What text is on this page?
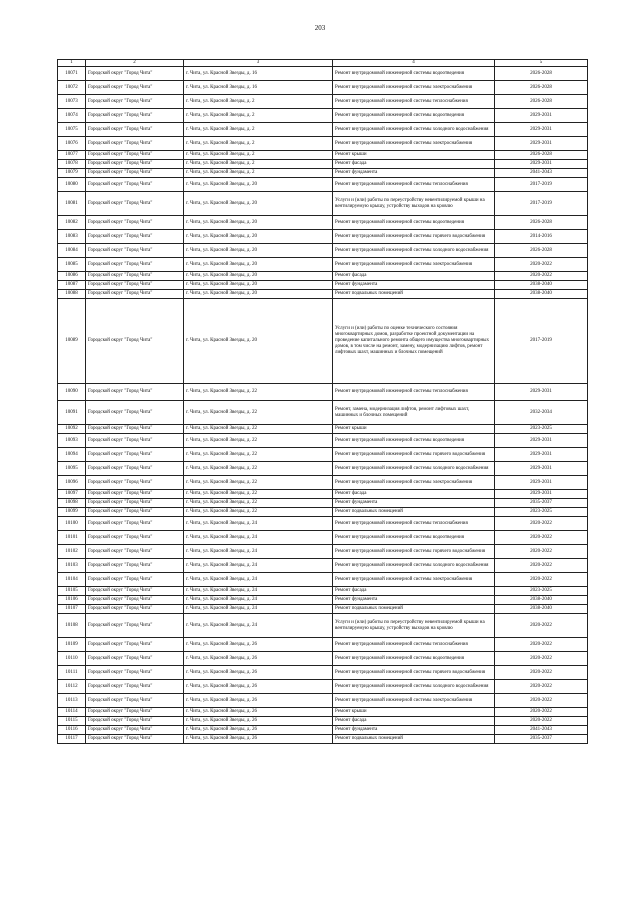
203
1	2	3	4	5
10071	Городской округ "Город Чита"	г. Чита, ул. Красной Звезды, д. 16	Ремонт внутридомовой инженерной системы водоотведения	2026-2028
10072	Городской округ "Город Чита"	г. Чита, ул. Красной Звезды, д. 16	Ремонт внутридомовой инженерной системы электроснабжения	2026-2028
10073	Городской округ "Город Чита"	г. Чита, ул. Красной Звезды, д. 2	Ремонт внутридомовой инженерной системы теплоснабжения	2026-2028
10074	Городской округ "Город Чита"	г. Чита, ул. Красной Звезды, д. 2	Ремонт внутридомовой инженерной системы водоотведения	2029-2031
10075	Городской округ "Город Чита"	г. Чита, ул. Красной Звезды, д. 2	Ремонт внутридомовой инженерной системы холодного водоснабжения	2029-2031
10076	Городской округ "Город Чита"	г. Чита, ул. Красной Звезды, д. 2	Ремонт внутридомовой инженерной системы электроснабжения	2029-2031
10077	Городской округ "Город Чита"	г. Чита, ул. Красной Звезды, д. 2	Ремонт крыши	2026-2028
10078	Городской округ "Город Чита"	г. Чита, ул. Красной Звезды, д. 2	Ремонт фасада	2029-2031
10079	Городской округ "Город Чита"	г. Чита, ул. Красной Звезды, д. 2	Ремонт фундамента	2041-2043
10080	Городской округ "Город Чита"	г. Чита, ул. Красной Звезды, д. 20	Ремонт внутридомовой инженерной системы теплоснабжения	2017-2019
10081	Городской округ "Город Чита"	г. Чита, ул. Красной Звезды, д. 20	Услуги и (или) работы по переустройству невентилируемой крыши на вентилируемую крышу, устройству выходов на кровлю	2017-2019
10082	Городской округ "Город Чита"	г. Чита, ул. Красной Звезды, д. 20	Ремонт внутридомовой инженерной системы водоотведения	2026-2028
10083	Городской округ "Город Чита"	г. Чита, ул. Красной Звезды, д. 20	Ремонт внутридомовой инженерной системы горячего водоснабжения	2014-2016
10084	Городской округ "Город Чита"	г. Чита, ул. Красной Звезды, д. 20	Ремонт внутридомовой инженерной системы холодного водоснабжения	2026-2028
10085	Городской округ "Город Чита"	г. Чита, ул. Красной Звезды, д. 20	Ремонт внутридомовой инженерной системы электроснабжения	2020-2022
10086	Городской округ "Город Чита"	г. Чита, ул. Красной Звезды, д. 20	Ремонт фасада	2020-2022
10087	Городской округ "Город Чита"	г. Чита, ул. Красной Звезды, д. 20	Ремонт фундамента	2038-2040
10088	Городской округ "Город Чита"	г. Чита, ул. Красной Звезды, д. 20	Ремонт подвальных помещений	2038-2040
10089	Городской округ "Город Чита"	г. Чита, ул. Красной Звезды, д. 20	Услуги и (или) работы по оценке технического состояния многоквартирных домов, разработке проектной документации на проведение капитального ремонта общего имущества многоквартирных домов, в том числе на ремонт, замену, модернизацию лифтов, ремонт лифтовых шахт, машинных и блочных помещений	2017-2019
10090	Городской округ "Город Чита"	г. Чита, ул. Красной Звезды, д. 22	Ремонт внутридомовой инженерной системы теплоснабжения	2029-2031
10091	Городской округ "Город Чита"	г. Чита, ул. Красной Звезды, д. 22	Ремонт, замена, модернизация лифтов, ремонт лифтовых шахт, машинных и блочных помещений	2032-2034
10092	Городской округ "Город Чита"	г. Чита, ул. Красной Звезды, д. 22	Ремонт крыши	2023-2025
10093	Городской округ "Город Чита"	г. Чита, ул. Красной Звезды, д. 22	Ремонт внутридомовой инженерной системы водоотведения	2029-2031
10094	Городской округ "Город Чита"	г. Чита, ул. Красной Звезды, д. 22	Ремонт внутридомовой инженерной системы горячего водоснабжения	2029-2031
10095	Городской округ "Город Чита"	г. Чита, ул. Красной Звезды, д. 22	Ремонт внутридомовой инженерной системы холодного водоснабжения	2029-2031
10096	Городской округ "Город Чита"	г. Чита, ул. Красной Звезды, д. 22	Ремонт внутридомовой инженерной системы электроснабжения	2029-2031
10097	Городской округ "Город Чита"	г. Чита, ул. Красной Звезды, д. 22	Ремонт фасада	2029-2031
10098	Городской округ "Город Чита"	г. Чита, ул. Красной Звезды, д. 22	Ремонт фундамента	2035-2037
10099	Городской округ "Город Чита"	г. Чита, ул. Красной Звезды, д. 22	Ремонт подвальных помещений	2023-2025
10100	Городской округ "Город Чита"	г. Чита, ул. Красной Звезды, д. 24	Ремонт внутридомовой инженерной системы теплоснабжения	2020-2022
10101	Городской округ "Город Чита"	г. Чита, ул. Красной Звезды, д. 24	Ремонт внутридомовой инженерной системы водоотведения	2020-2022
10102	Городской округ "Город Чита"	г. Чита, ул. Красной Звезды, д. 24	Ремонт внутридомовой инженерной системы горячего водоснабжения	2020-2022
10103	Городской округ "Город Чита"	г. Чита, ул. Красной Звезды, д. 24	Ремонт внутридомовой инженерной системы холодного водоснабжения	2020-2022
10104	Городской округ "Город Чита"	г. Чита, ул. Красной Звезды, д. 24	Ремонт внутридомовой инженерной системы электроснабжения	2020-2022
10105	Городской округ "Город Чита"	г. Чита, ул. Красной Звезды, д. 24	Ремонт фасада	2023-2025
10106	Городской округ "Город Чита"	г. Чита, ул. Красной Звезды, д. 24	Ремонт фундамента	2038-2040
10107	Городской округ "Город Чита"	г. Чита, ул. Красной Звезды, д. 24	Ремонт подвальных помещений	2038-2040
10108	Городской округ "Город Чита"	г. Чита, ул. Красной Звезды, д. 24	Услуги и (или) работы по переустройству невентилируемой крыши на вентилируемую крышу, устройству выходов на кровлю	2020-2022
10109	Городской округ "Город Чита"	г. Чита, ул. Красной Звезды, д. 26	Ремонт внутридомовой инженерной системы теплоснабжения	2020-2022
10110	Городской округ "Город Чита"	г. Чита, ул. Красной Звезды, д. 26	Ремонт внутридомовой инженерной системы водоотведения	2020-2022
10111	Городской округ "Город Чита"	г. Чита, ул. Красной Звезды, д. 26	Ремонт внутридомовой инженерной системы горячего водоснабжения	2020-2022
10112	Городской округ "Город Чита"	г. Чита, ул. Красной Звезды, д. 26	Ремонт внутридомовой инженерной системы холодного водоснабжения	2020-2022
10113	Городской округ "Город Чита"	г. Чита, ул. Красной Звезды, д. 26	Ремонт внутридомовой инженерной системы электроснабжения	2020-2022
10114	Городской округ "Город Чита"	г. Чита, ул. Красной Звезды, д. 26	Ремонт крыши	2020-2022
10115	Городской округ "Город Чита"	г. Чита, ул. Красной Звезды, д. 26	Ремонт фасада	2020-2022
10116	Городской округ "Город Чита"	г. Чита, ул. Красной Звезды, д. 26	Ремонт фундамента	2041-2043
10117	Городской округ "Город Чита"	г. Чита, ул. Красной Звезды, д. 26	Ремонт подвальных помещений	2035-2037
